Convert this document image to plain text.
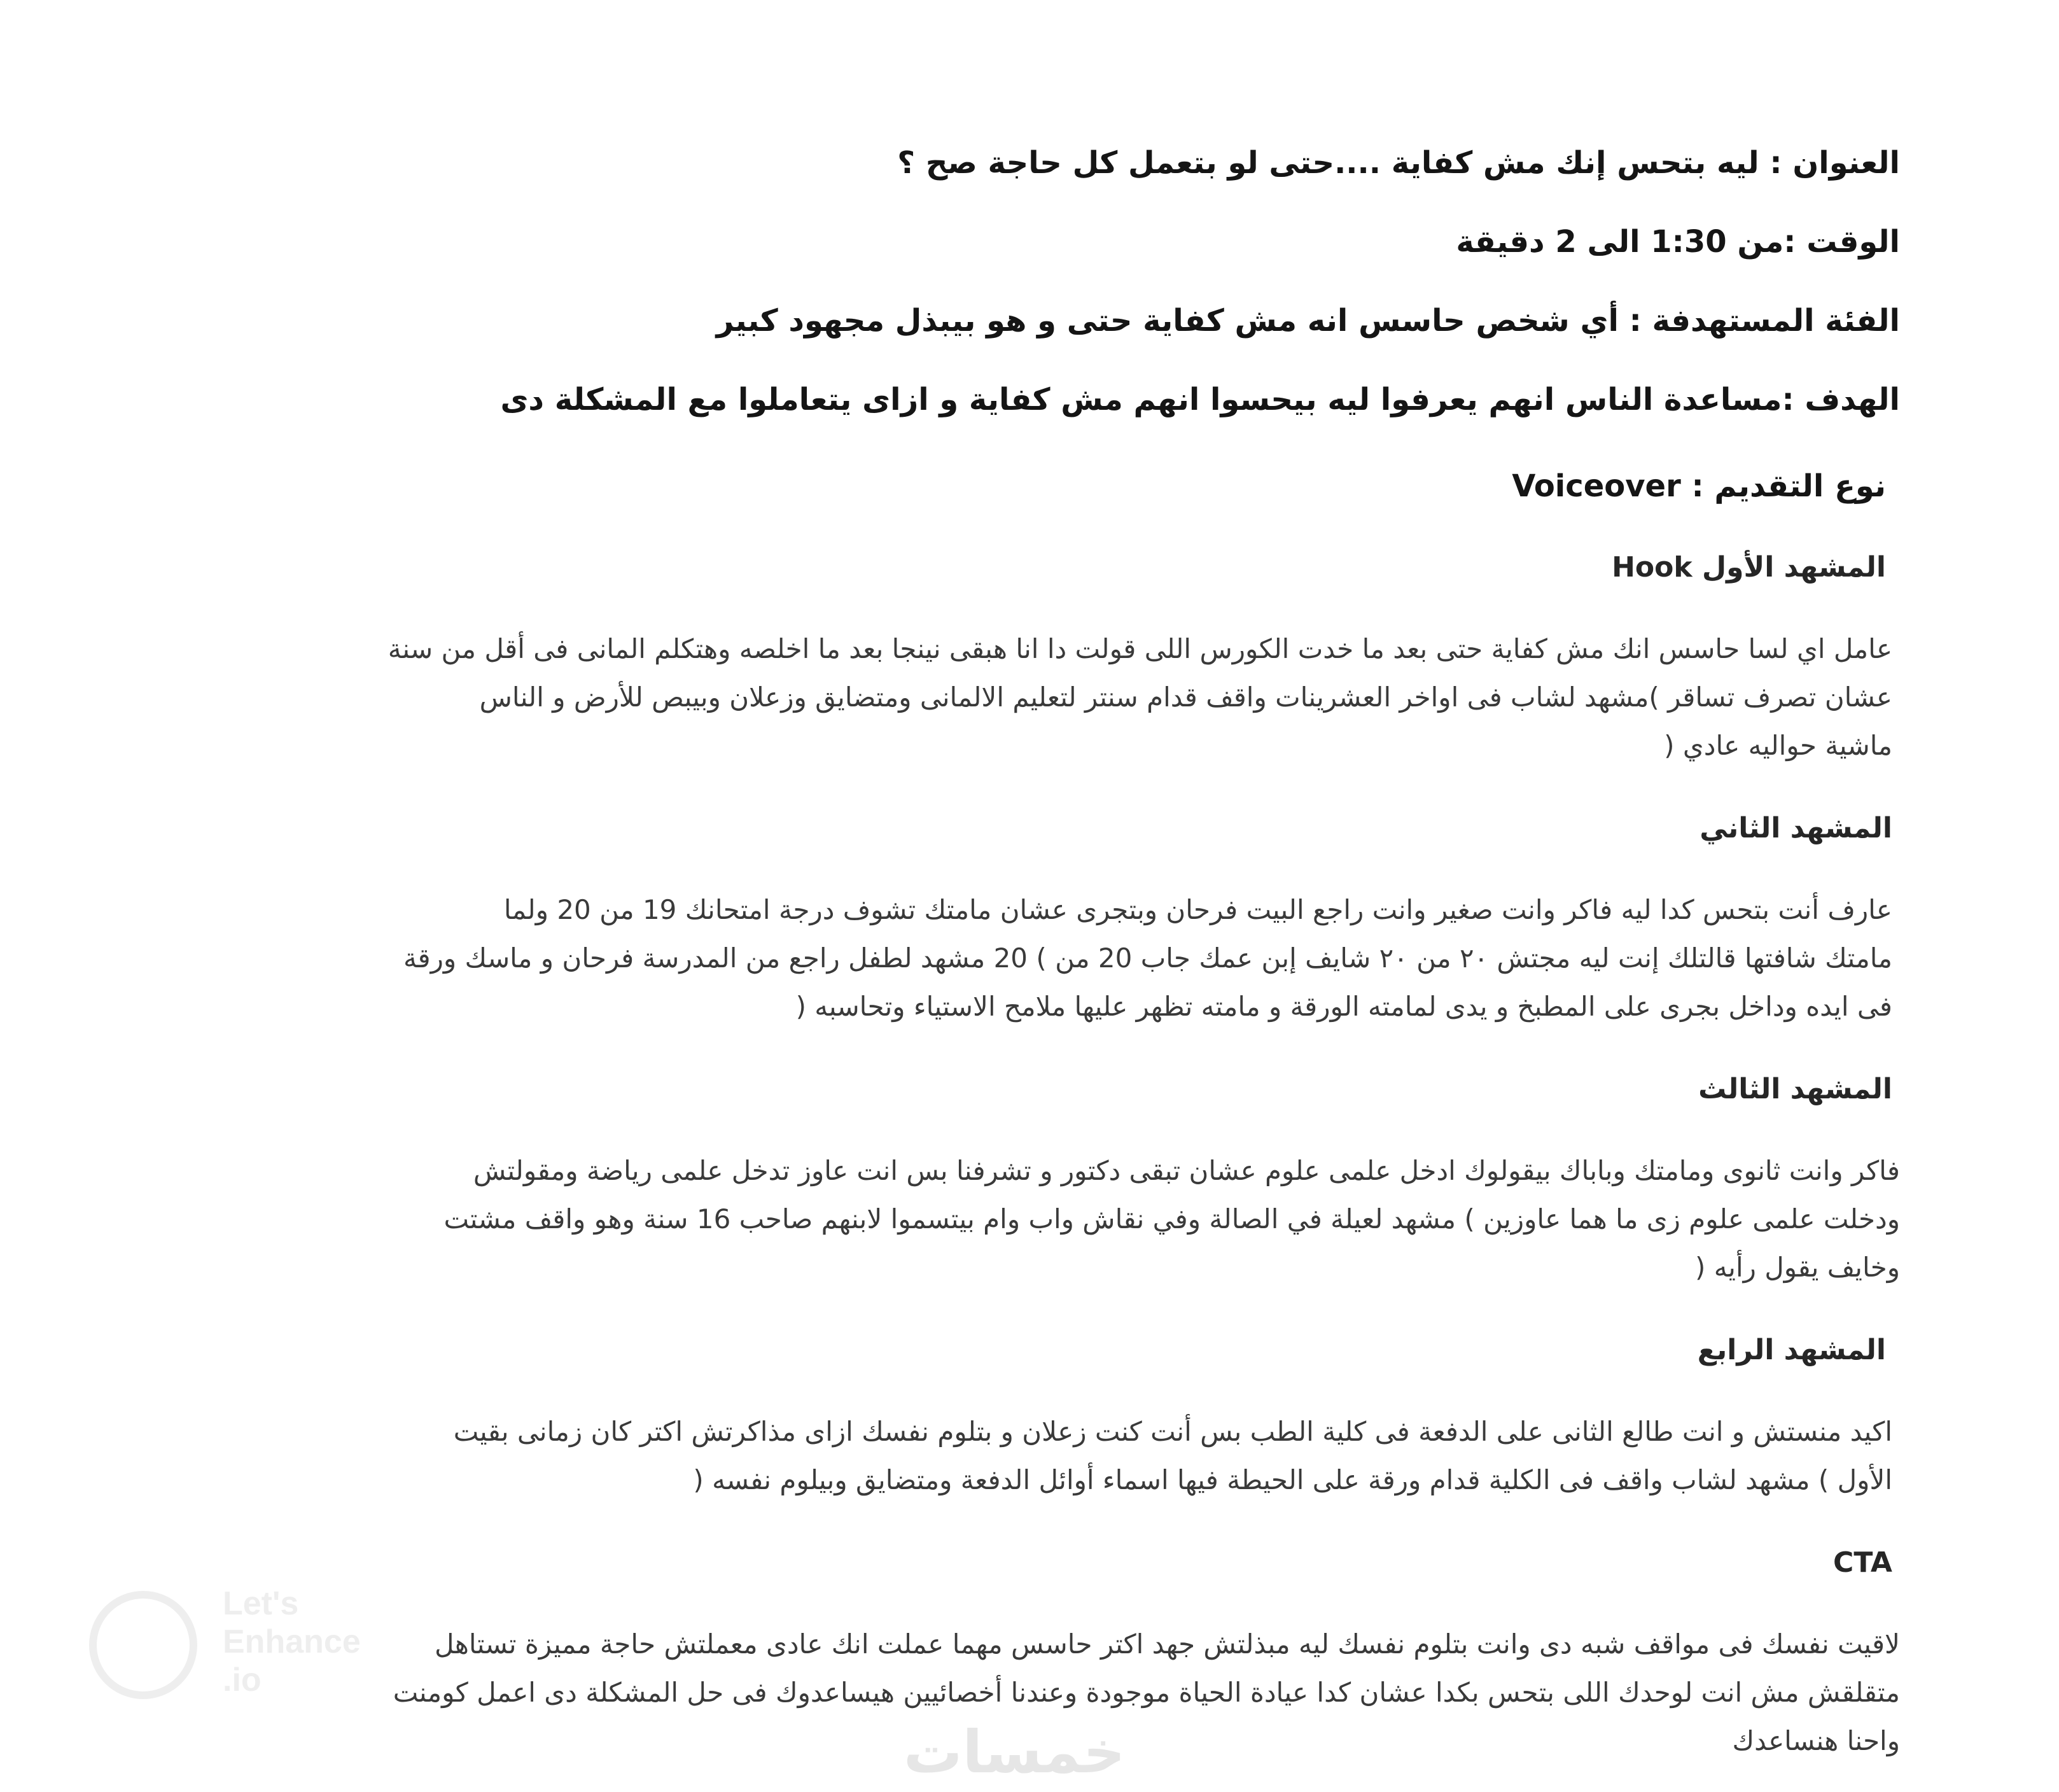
العنوان : ليه بتحس إنك مش كفاية ....حتى لو بتعمل كل حاجة صح ؟
الوقت :من 1:30 الى 2 دقيقة
الفئة المستهدفة : أي شخص حاسس انه مش كفاية حتى و هو بيبذل مجهود كبير
الهدف :مساعدة الناس انهم يعرفوا ليه بيحسوا انهم مش كفاية و ازاى يتعاملوا مع المشكلة دى
نوع التقديم : Voiceover
المشهد الأول Hook
عامل اي لسا حاسس انك مش كفاية حتى بعد ما خدت الكورس اللى قولت دا انا هبقى نينجا بعد ما اخلصه وهتكلم المانى فى أقل من سنة
عشان تصرف تساقر )مشهد لشاب فى اواخر العشرينات واقف قدام سنتر لتعليم الالمانى ومتضايق وزعلان وبيبص للأرض و الناس
ماشية حواليه عادي (
المشهد الثاني
عارف أنت بتحس كدا ليه فاكر وانت صغير وانت راجع البيت فرحان وبتجرى عشان مامتك تشوف درجة امتحانك 19 من 20 ولما
مامتك شافتها قالتلك إنت ليه مجتش ٢٠ من ٢٠ شايف إبن عمك جاب 20 من ) 20 مشهد لطفل راجع من المدرسة فرحان و ماسك ورقة
فى ايده وداخل بجرى على المطبخ و يدى لمامته الورقة و مامته تظهر عليها ملامح الاستياء وتحاسبه (
المشهد الثالث
فاكر وانت ثانوى ومامتك وباباك بيقولوك ادخل علمى علوم عشان تبقى دكتور و تشرفنا بس انت عاوز تدخل علمى رياضة ومقولتش
ودخلت علمى علوم زى ما هما عاوزين ) مشهد لعيلة في الصالة وفي نقاش واب وام بيتسموا لابنهم صاحب 16 سنة وهو واقف مشتت
وخايف يقول رأيه (
المشهد الرابع
اكيد منستش و انت طالع الثانى على الدفعة فى كلية الطب بس أنت كنت زعلان و بتلوم نفسك ازاى مذاكرتش اكتر كان زمانى بقيت
الأول ) مشهد لشاب واقف فى الكلية قدام ورقة على الحيطة فيها اسماء أوائل الدفعة ومتضايق وبيلوم نفسه (
CTA
لاقيت نفسك فى مواقف شبه دى وانت بتلوم نفسك ليه مبذلتش جهد اكتر حاسس مهما عملت انك عادى معملتش حاجة مميزة تستاهل
متقلقش مش انت لوحدك اللى بتحس بكدا عشان كدا عيادة الحياة موجودة وعندنا أخصائيين هيساعدوك فى حل المشكلة دى اعمل كومنت
واحنا هنساعدك
Let's
Enhance
.io
خمسات
